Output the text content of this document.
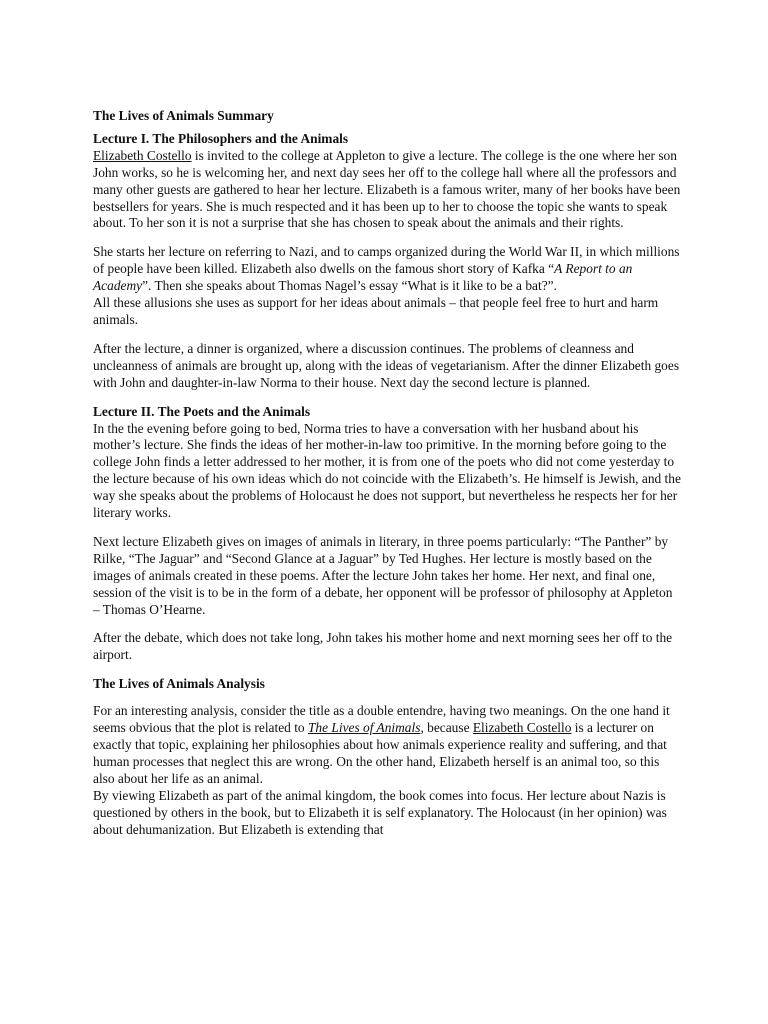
The Lives of Animals Summary
Lecture I. The Philosophers and the Animals

Elizabeth Costello is invited to the college at Appleton to give a lecture. The college is the one where her son John works, so he is welcoming her, and next day sees her off to the college hall where all the professors and many other guests are gathered to hear her lecture. Elizabeth is a famous writer, many of her books have been bestsellers for years. She is much respected and it has been up to her to choose the topic she wants to speak about. To her son it is not a surprise that she has chosen to speak about the animals and their rights.

She starts her lecture on referring to Nazi, and to camps organized during the World War II, in which millions of people have been killed. Elizabeth also dwells on the famous short story of Kafka “A Report to an Academy”. Then she speaks about Thomas Nagel’s essay “What is it like to be a bat?”.

All these allusions she uses as support for her ideas about animals – that people feel free to hurt and harm animals.

After the lecture, a dinner is organized, where a discussion continues. The problems of cleanness and uncleanness of animals are brought up, along with the ideas of vegetarianism. After the dinner Elizabeth goes with John and daughter-in-law Norma to their house. Next day the second lecture is planned.

Lecture II. The Poets and the Animals

In the the evening before going to bed, Norma tries to have a conversation with her husband about his mother’s lecture. She finds the ideas of her mother-in-law too primitive. In the morning before going to the college John finds a letter addressed to her mother, it is from one of the poets who did not come yesterday to the lecture because of his own ideas which do not coincide with the Elizabeth’s. He himself is Jewish, and the way she speaks about the problems of Holocaust he does not support, but nevertheless he respects her for her literary works.

Next lecture Elizabeth gives on images of animals in literary, in three poems particularly: “The Panther” by Rilke, “The Jaguar” and “Second Glance at a Jaguar” by Ted Hughes. Her lecture is mostly based on the images of animals created in these poems. After the lecture John takes her home. Her next, and final one, session of the visit is to be in the form of a debate, her opponent will be professor of philosophy at Appleton – Thomas O’Hearne.

After the debate, which does not take long, John takes his mother home and next morning sees her off to the airport.

The Lives of Animals Analysis

For an interesting analysis, consider the title as a double entendre, having two meanings. On the one hand it seems obvious that the plot is related to The Lives of Animals, because Elizabeth Costello is a lecturer on exactly that topic, explaining her philosophies about how animals experience reality and suffering, and that human processes that neglect this are wrong. On the other hand, Elizabeth herself is an animal too, so this also about her life as an animal.

By viewing Elizabeth as part of the animal kingdom, the book comes into focus. Her lecture about Nazis is questioned by others in the book, but to Elizabeth it is self explanatory. The Holocaust (in her opinion) was about dehumanization. But Elizabeth is extending that
